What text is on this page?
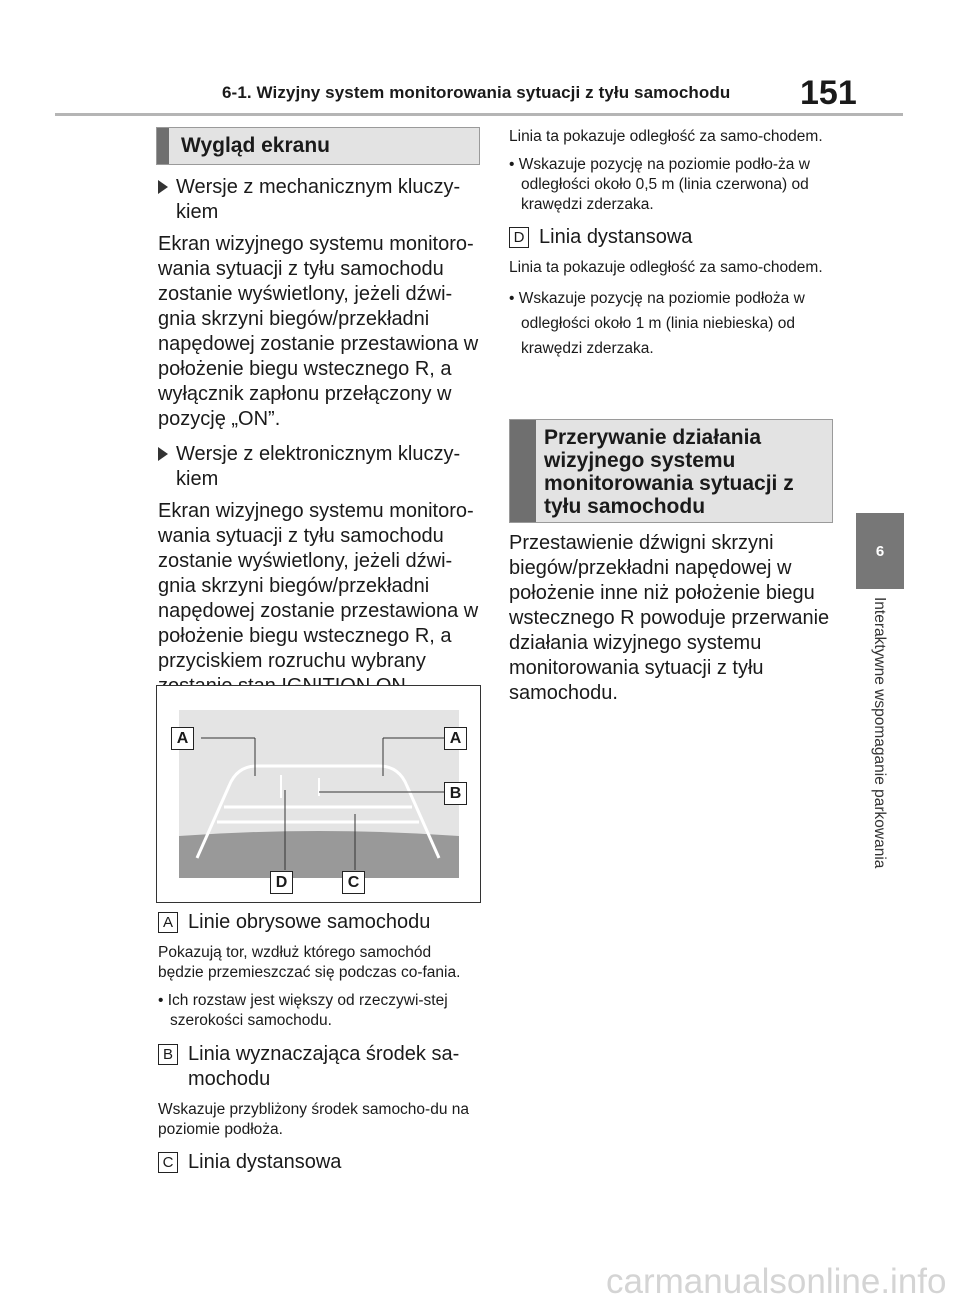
6-1. Wizyjny system monitorowania sytuacji z tyłu samochodu 151
6
Interaktywne wspomaganie parkowania
Wygląd ekranu
Wersje z mechanicznym kluczy-kiem

Ekran wizyjnego systemu monitoro-wania sytuacji z tyłu samochodu zostanie wyświetlony, jeżeli dźwi-gnia skrzyni biegów/przekładni napędowej zostanie przestawiona w położenie biegu wstecznego R, a wyłącznik zapłonu przełączony w pozycję „ON”.

Wersje z elektronicznym kluczy-kiem

Ekran wizyjnego systemu monitoro-wania sytuacji z tyłu samochodu zostanie wyświetlony, jeżeli dźwi-gnia skrzyni biegów/przekładni napędowej zostanie przestawiona w położenie biegu wstecznego R, a przyciskiem rozruchu wybrany

A	A
B
D	C
A Linie obrysowe samochodu

Pokazują tor, wzdłuż którego samochód będzie przemieszczać się podczas co-fania.

• Ich rozstaw jest większy od rzeczywi-stej szerokości samochodu.

B Linia wyznaczająca środek sa-mochodu

Wskazuje przybliżony środek samocho-du na poziomie podłoża.

C Linia dystansowa

Linia ta pokazuje odległość za samo-chodem.

• Wskazuje pozycję na poziomie podło-ża w odległości około 0,5 m (linia czerwona) od krawędzi zderzaka.

D Linia dystansowa

Linia ta pokazuje odległość za samo-chodem.

• Wskazuje pozycję na poziomie podłoża w odległości około 1 m (linia niebieska) od krawędzi zderzaka.

Przerywanie działania wizyjnego systemu monitorowania sytuacji z tyłu samochodu

Przestawienie dźwigni skrzyni biegów/przekładni napędowej w położenie inne niż położenie biegu wstecznego R powoduje przerwanie działania wizyjnego systemu monitorowania sytuacji z tyłu samochodu.

carmanualsonline.info
